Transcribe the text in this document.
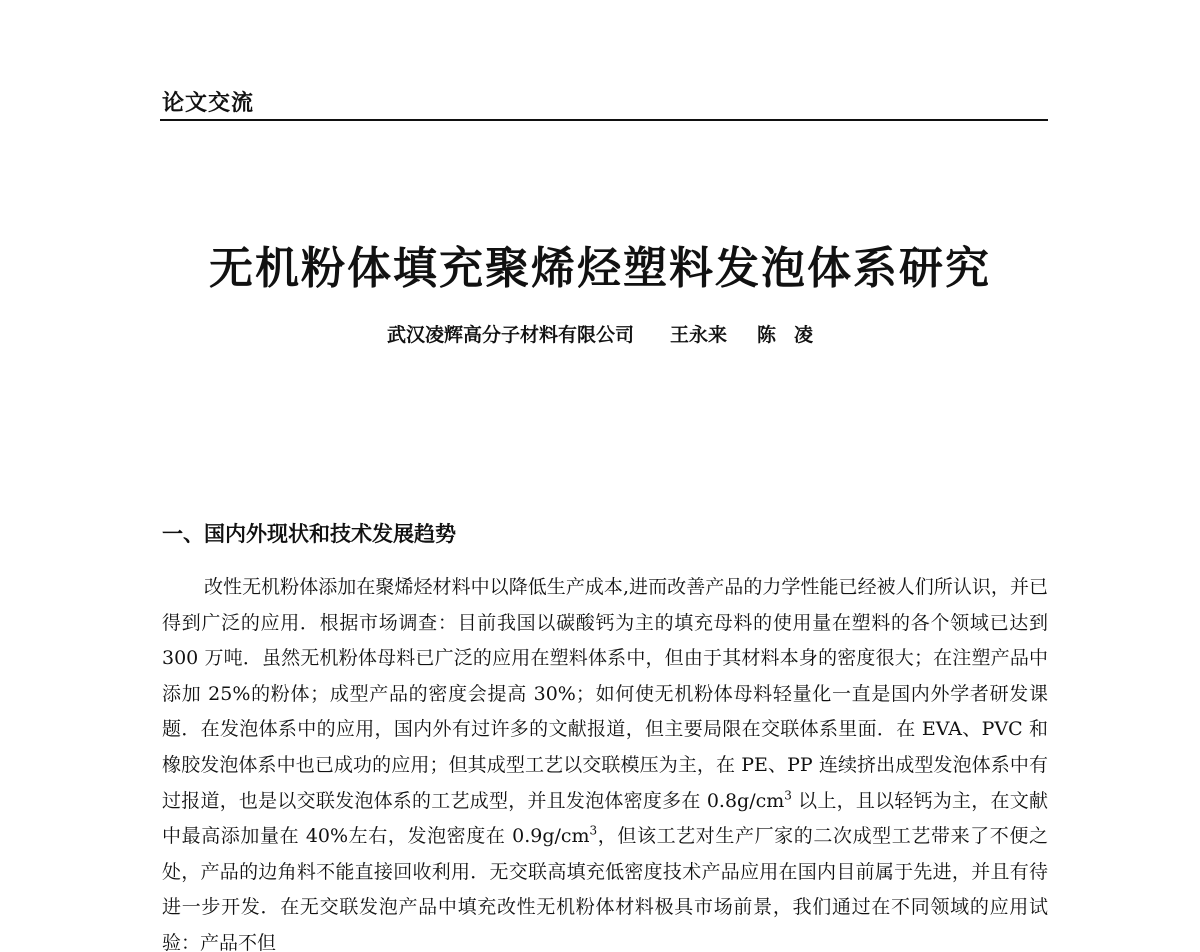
论文交流
无机粉体填充聚烯烃塑料发泡体系研究
武汉凌辉高分子材料有限公司 王永来 陈 凌
一、国内外现状和技术发展趋势

改性无机粉体添加在聚烯烃材料中以降低生产成本,进而改善产品的力学性能已经被人们所认识，并已得到广泛的应用．根据市场调查：目前我国以碳酸钙为主的填充母料的使用量在塑料的各个领域已达到 300 万吨．虽然无机粉体母料已广泛的应用在塑料体系中，但由于其材料本身的密度很大；在注塑产品中添加 25%的粉体；成型产品的密度会提高 30%；如何使无机粉体母料轻量化一直是国内外学者研发课题．在发泡体系中的应用，国内外有过许多的文献报道，但主要局限在交联体系里面．在 EVA、PVC 和橡胶发泡体系中也已成功的应用；但其成型工艺以交联模压为主，在 PE、PP 连续挤出成型发泡体系中有过报道，也是以交联发泡体系的工艺成型，并且发泡体密度多在 $0.8g/cm^3$ 以上，且以轻钙为主，在文献中最高添加量在 40%左右，发泡密度在 $0.9g/cm^3$，但该工艺对生产厂家的二次成型工艺带来了不便之处，产品的边角料不能直接回收利用．无交联高填充低密度技术产品应用在国内目前属于先进，并且有待进一步开发．在无交联发泡产品中填充改性无机粉体材料极具市场前景，我们通过在不同领域的应用试验：产品不但
